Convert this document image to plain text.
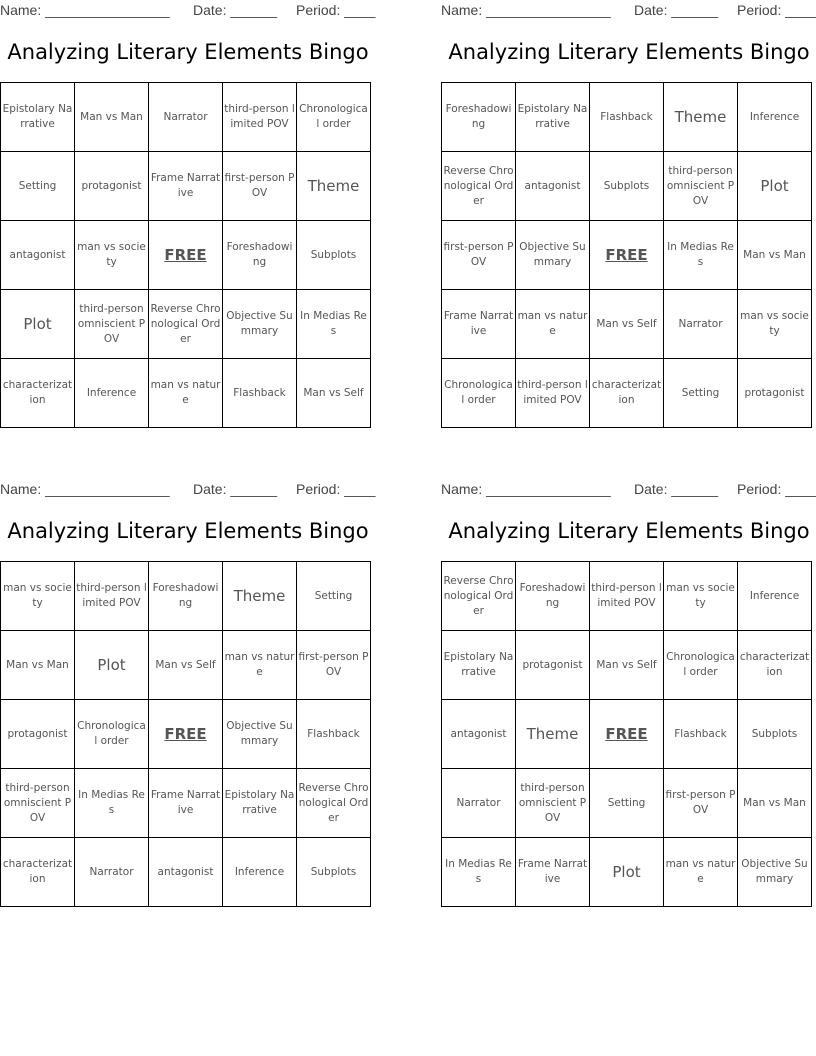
Name: ________________ Date: ______ Period: ____
Analyzing Literary Elements Bingo
Epistolary Narrative	Man vs Man	Narrator	third-person limited POV	Chronological order
Setting	protagonist	Frame Narrative	first-person POV	Theme
antagonist	man vs society	FREE	Foreshadowing	Subplots
Plot	third-person omniscient POV	Reverse Chronological Order	Objective Summary	In Medias Res
characterization	Inference	man vs nature	Flashback	Man vs Self
Name: ________________ Date: ______ Period: ____
Analyzing Literary Elements Bingo
Foreshadowing	Epistolary Narrative	Flashback	Theme	Inference
Reverse Chronological Order	antagonist	Subplots	third-person omniscient POV	Plot
first-person POV	Objective Summary	FREE	In Medias Res	Man vs Man
Frame Narrative	man vs nature	Man vs Self	Narrator	man vs society
Chronological order	third-person limited POV	characterization	Setting	protagonist
Name: ________________ Date: ______ Period: ____
Analyzing Literary Elements Bingo
man vs society	third-person limited POV	Foreshadowing	Theme	Setting
Man vs Man	Plot	Man vs Self	man vs nature	first-person POV
protagonist	Chronological order	FREE	Objective Summary	Flashback
third-person omniscient POV	In Medias Res	Frame Narrative	Epistolary Narrative	Reverse Chronological Order
characterization	Narrator	antagonist	Inference	Subplots
Name: ________________ Date: ______ Period: ____
Analyzing Literary Elements Bingo
Reverse Chronological Order	Foreshadowing	third-person limited POV	man vs society	Inference
Epistolary Narrative	protagonist	Man vs Self	Chronological order	characterization
antagonist	Theme	FREE	Flashback	Subplots
Narrator	third-person omniscient POV	Setting	first-person POV	Man vs Man
In Medias Res	Frame Narrative	Plot	man vs nature	Objective Summary
